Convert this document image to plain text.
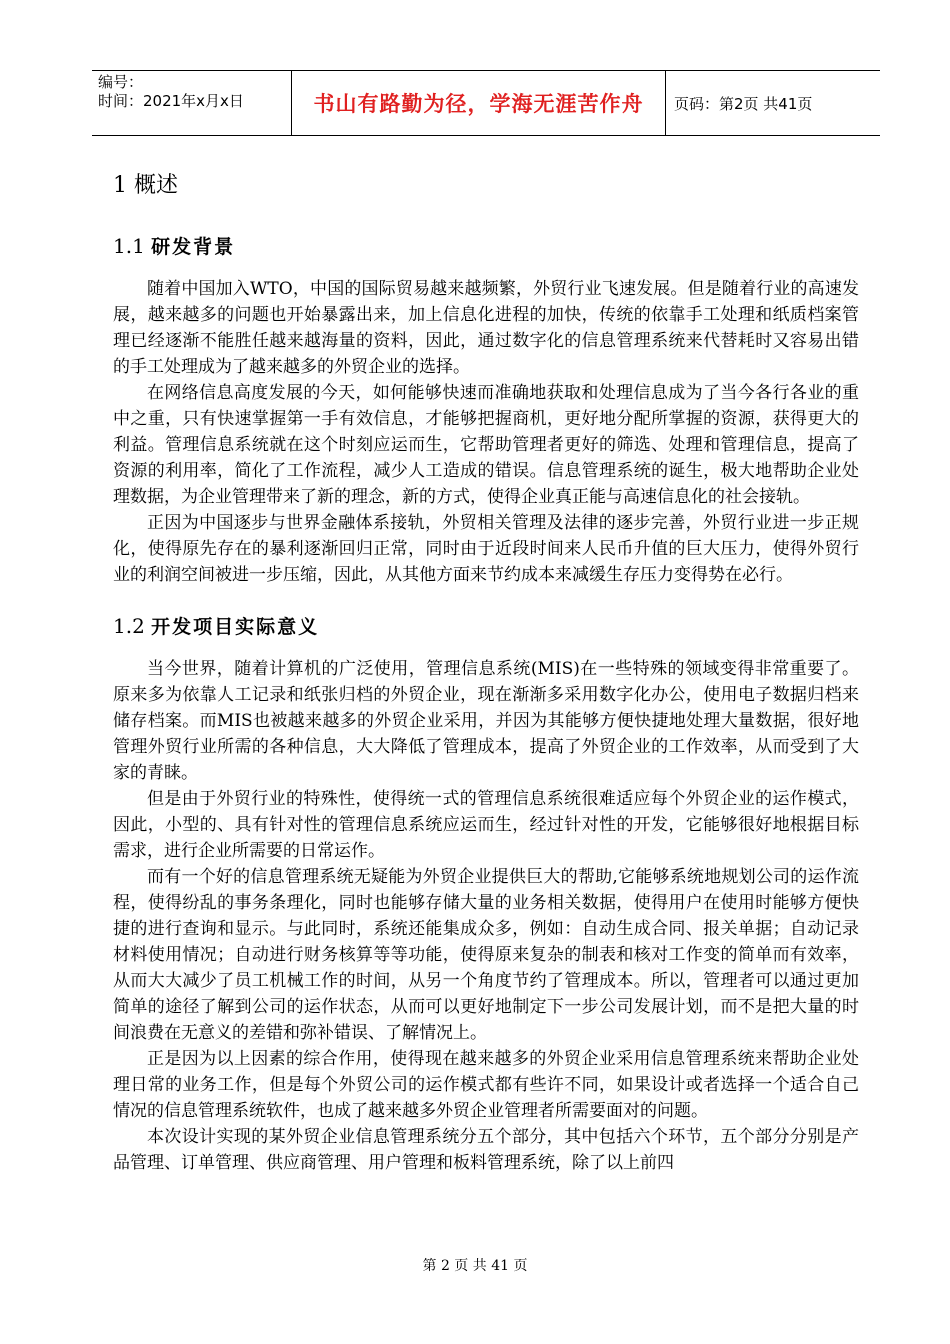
编号：
时间：2021年x月x日	书山有路勤为径，学海无涯苦作舟	页码：第2页 共41页
1 概述
1.1 研发背景

随着中国加入WTO，中国的国际贸易越来越频繁，外贸行业飞速发展。但是随着行业的高速发展，越来越多的问题也开始暴露出来，加上信息化进程的加快，传统的依靠手工处理和纸质档案管理已经逐渐不能胜任越来越海量的资料，因此，通过数字化的信息管理系统来代替耗时又容易出错的手工处理成为了越来越多的外贸企业的选择。

在网络信息高度发展的今天，如何能够快速而准确地获取和处理信息成为了当今各行各业的重中之重，只有快速掌握第一手有效信息，才能够把握商机，更好地分配所掌握的资源，获得更大的利益。管理信息系统就在这个时刻应运而生，它帮助管理者更好的筛选、处理和管理信息，提高了资源的利用率，简化了工作流程，减少人工造成的错误。信息管理系统的诞生，极大地帮助企业处理数据，为企业管理带来了新的理念，新的方式，使得企业真正能与高速信息化的社会接轨。

正因为中国逐步与世界金融体系接轨，外贸相关管理及法律的逐步完善，外贸行业进一步正规化，使得原先存在的暴利逐渐回归正常，同时由于近段时间来人民币升值的巨大压力，使得外贸行业的利润空间被进一步压缩，因此，从其他方面来节约成本来减缓生存压力变得势在必行。

1.2 开发项目实际意义

当今世界，随着计算机的广泛使用，管理信息系统(MIS)在一些特殊的领域变得非常重要了。原来多为依靠人工记录和纸张归档的外贸企业，现在渐渐多采用数字化办公，使用电子数据归档来储存档案。而MIS也被越来越多的外贸企业采用，并因为其能够方便快捷地处理大量数据，很好地管理外贸行业所需的各种信息，大大降低了管理成本，提高了外贸企业的工作效率，从而受到了大家的青睐。

但是由于外贸行业的特殊性，使得统一式的管理信息系统很难适应每个外贸企业的运作模式，因此，小型的、具有针对性的管理信息系统应运而生，经过针对性的开发，它能够很好地根据目标需求，进行企业所需要的日常运作。

而有一个好的信息管理系统无疑能为外贸企业提供巨大的帮助,它能够系统地规划公司的运作流程，使得纷乱的事务条理化，同时也能够存储大量的业务相关数据，使得用户在使用时能够方便快捷的进行查询和显示。与此同时，系统还能集成众多，例如：自动生成合同、报关单据；自动记录材料使用情况；自动进行财务核算等等功能，使得原来复杂的制表和核对工作变的简单而有效率，从而大大减少了员工机械工作的时间，从另一个角度节约了管理成本。所以，管理者可以通过更加简单的途径了解到公司的运作状态，从而可以更好地制定下一步公司发展计划，而不是把大量的时间浪费在无意义的差错和弥补错误、了解情况上。

正是因为以上因素的综合作用，使得现在越来越多的外贸企业采用信息管理系统来帮助企业处理日常的业务工作，但是每个外贸公司的运作模式都有些许不同，如果设计或者选择一个适合自己情况的信息管理系统软件，也成了越来越多外贸企业管理者所需要面对的问题。

本次设计实现的某外贸企业信息管理系统分五个部分，其中包括六个环节，五个部分分别是产品管理、订单管理、供应商管理、用户管理和板料管理系统，除了以上前四

第 2 页 共 41 页
